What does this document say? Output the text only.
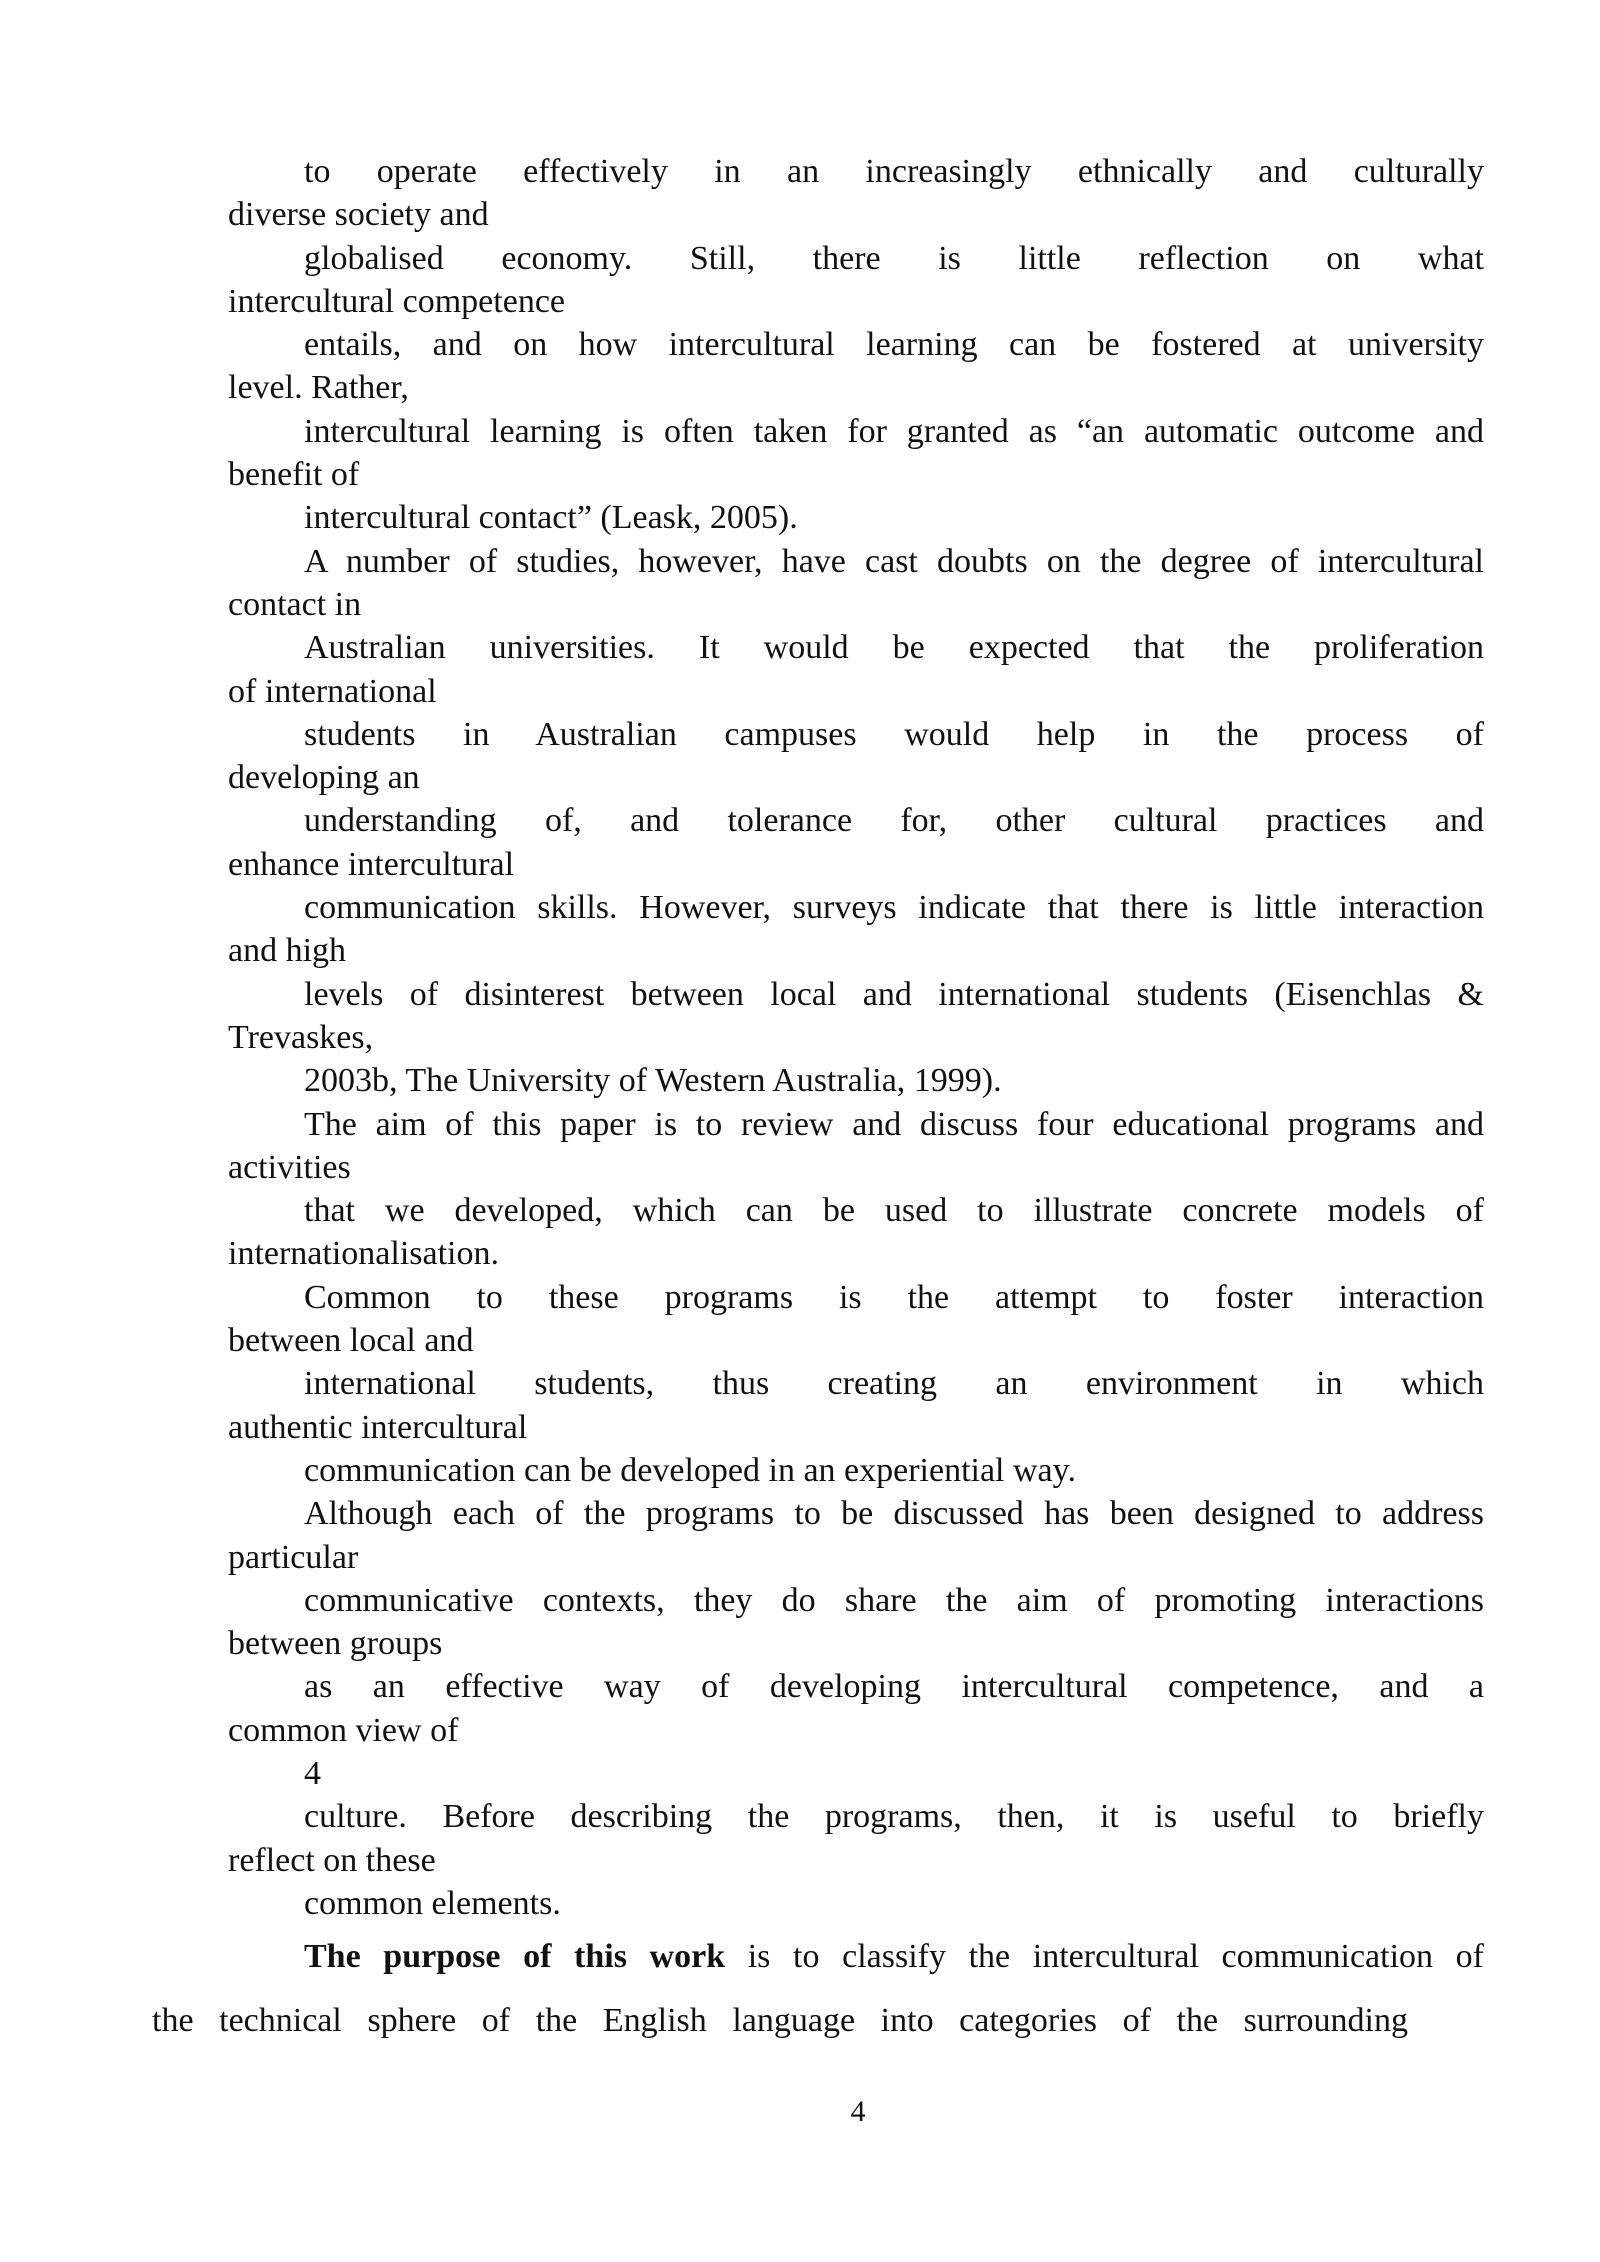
to operate effectively in an increasingly ethnically and culturally

diverse society and

globalised economy. Still, there is little reflection on what

intercultural competence

entails, and on how intercultural learning can be fostered at university

level. Rather,

intercultural learning is often taken for granted as “an automatic outcome and

benefit of

intercultural contact” (Leask, 2005).

A number of studies, however, have cast doubts on the degree of intercultural

contact in

Australian universities. It would be expected that the proliferation

of international

students in Australian campuses would help in the process of

developing an

understanding of, and tolerance for, other cultural practices and

enhance intercultural

communication skills. However, surveys indicate that there is little interaction

and high

levels of disinterest between local and international students (Eisenchlas &

Trevaskes,

2003b, The University of Western Australia, 1999).

The aim of this paper is to review and discuss four educational programs and

activities

that we developed, which can be used to illustrate concrete models of

internationalisation.

Common to these programs is the attempt to foster interaction

between local and

international students, thus creating an environment in which

authentic intercultural

communication can be developed in an experiential way.

Although each of the programs to be discussed has been designed to address

particular

communicative contexts, they do share the aim of promoting interactions

between groups

as an effective way of developing intercultural competence, and a

common view of

4

culture. Before describing the programs, then, it is useful to briefly

reflect on these

common elements.

The purpose of this work is to classify the intercultural communication of
the technical sphere of the English language into categories of the surrounding

4
